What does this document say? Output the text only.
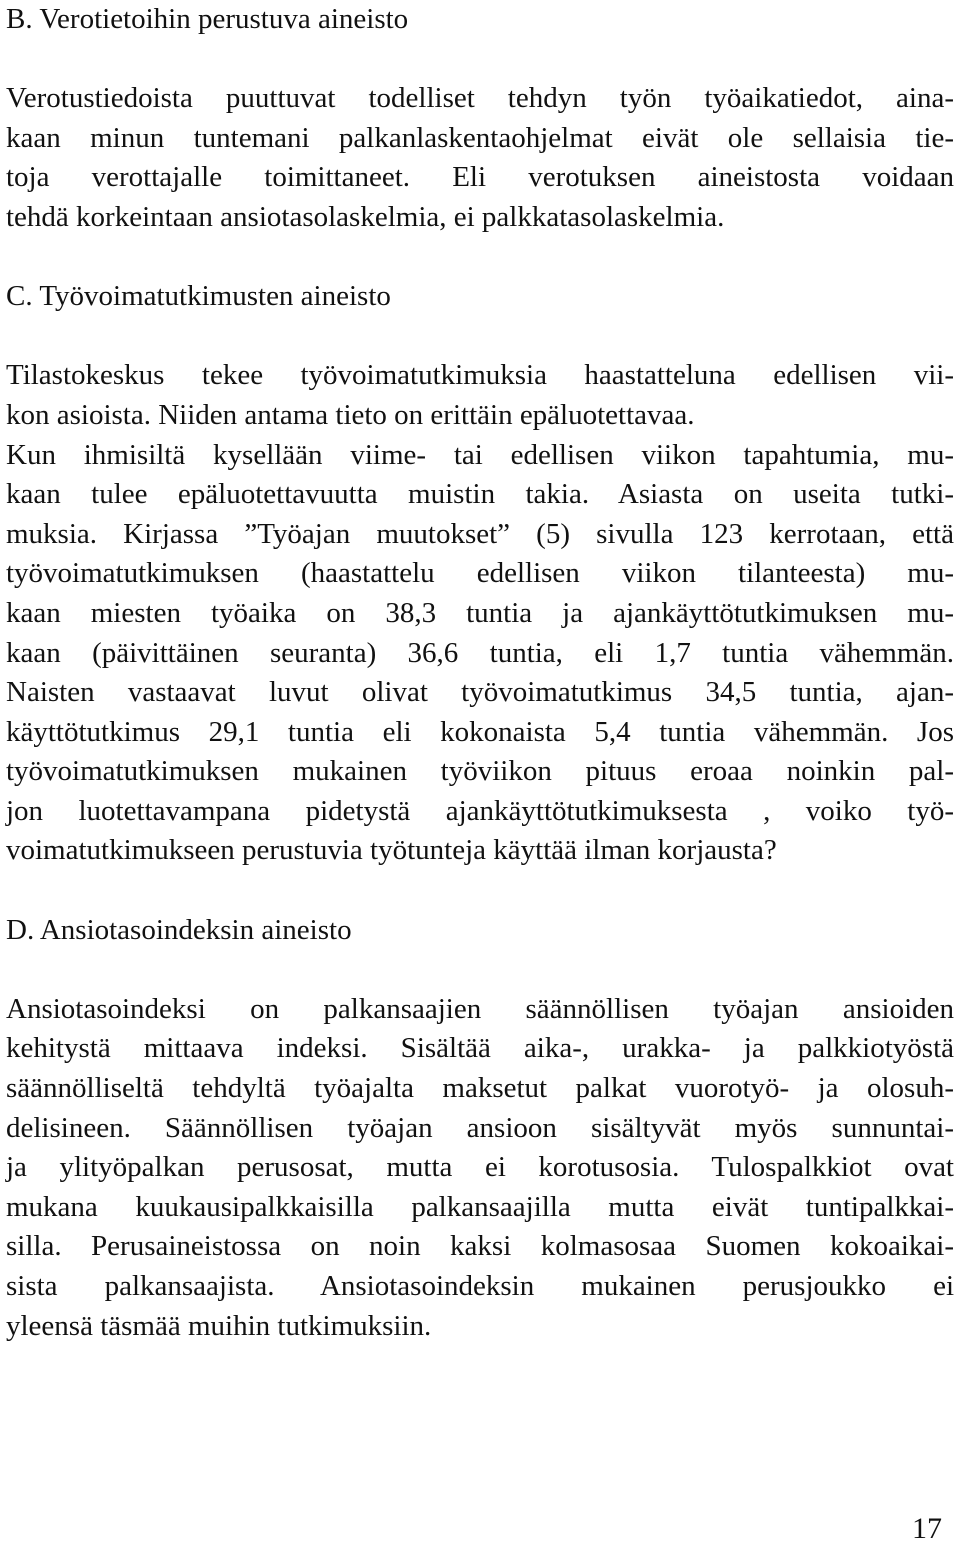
B. Verotietoihin perustuva aineisto
Verotustiedoista puuttuvat todelliset tehdyn työn työaikatiedot, aina-
kaan minun tuntemani palkanlaskentaohjelmat eivät ole sellaisia tie-
toja verottajalle toimittaneet. Eli verotuksen aineistosta voidaan
tehdä korkeintaan ansiotasolaskelmia, ei palkkatasolaskelmia.
C. Työvoimatutkimusten aineisto
Tilastokeskus tekee työvoimatutkimuksia haastatteluna edellisen vii-
kon asioista. Niiden antama tieto on erittäin epäluotettavaa.
Kun ihmisiltä kysellään viime- tai edellisen viikon tapahtumia, mu-
kaan tulee epäluotettavuutta muistin takia. Asiasta on useita tutki-
muksia. Kirjassa ”Työajan muutokset” (5) sivulla 123 kerrotaan, että
työvoimatutkimuksen (haastattelu edellisen viikon tilanteesta) mu-
kaan miesten työaika on 38,3 tuntia ja ajankäyttötutkimuksen mu-
kaan (päivittäinen seuranta) 36,6 tuntia, eli 1,7 tuntia vähemmän.
Naisten vastaavat luvut olivat työvoimatutkimus 34,5 tuntia, ajan-
käyttötutkimus 29,1 tuntia eli kokonaista 5,4 tuntia vähemmän. Jos
työvoimatutkimuksen mukainen työviikon pituus eroaa noinkin pal-
jon luotettavampana pidetystä ajankäyttötutkimuksesta , voiko työ-
voimatutkimukseen perustuvia työtunteja käyttää ilman korjausta?
D. Ansiotasoindeksin aineisto
Ansiotasoindeksi on palkansaajien säännöllisen työajan ansioiden
kehitystä mittaava indeksi. Sisältää aika-, urakka- ja palkkiotyöstä
säännölliseltä tehdyltä työajalta maksetut palkat vuorotyö- ja olosuh-
delisineen. Säännöllisen työajan ansioon sisältyvät myös sunnuntai-
ja ylityöpalkan perusosat, mutta ei korotusosia. Tulospalkkiot ovat
mukana kuukausipalkkaisilla palkansaajilla mutta eivät tuntipalkkai-
silla. Perusaineistossa on noin kaksi kolmasosaa Suomen kokoaikai-
sista palkansaajista. Ansiotasoindeksin mukainen perusjoukko ei
yleensä täsmää muihin tutkimuksiin.
17
